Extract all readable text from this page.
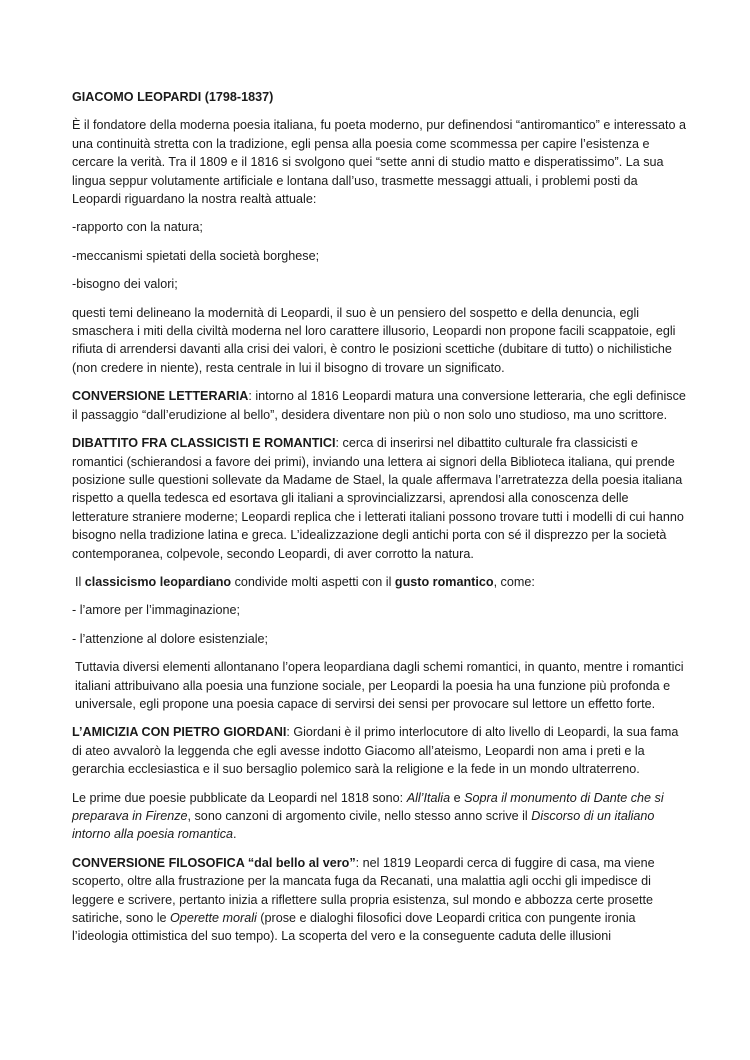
GIACOMO LEOPARDI (1798-1837)

È il fondatore della moderna poesia italiana, fu poeta moderno, pur definendosi “antiromantico” e interessato a una continuità stretta con la tradizione, egli pensa alla poesia come scommessa per capire l’esistenza e cercare la verità. Tra il 1809 e il 1816 si svolgono quei “sette anni di studio matto e disperatissimo”. La sua lingua seppur volutamente artificiale e lontana dall’uso, trasmette messaggi attuali, i problemi posti da Leopardi riguardano la nostra realtà attuale:

-rapporto con la natura;

-meccanismi spietati della società borghese;

-bisogno dei valori;

questi temi delineano la modernità di Leopardi, il suo è un pensiero del sospetto e della denuncia, egli smaschera i miti della civiltà moderna nel loro carattere illusorio, Leopardi non propone facili scappatoie, egli rifiuta di arrendersi davanti alla crisi dei valori, è contro le posizioni scettiche (dubitare di tutto) o nichilistiche (non credere in niente), resta centrale in lui il bisogno di trovare un significato.

CONVERSIONE LETTERARIA: intorno al 1816 Leopardi matura una conversione letteraria, che egli definisce il passaggio “dall’erudizione al bello”, desidera diventare non più o non solo uno studioso, ma uno scrittore.

DIBATTITO FRA CLASSICISTI E ROMANTICI: cerca di inserirsi nel dibattito culturale fra classicisti e romantici (schierandosi a favore dei primi), inviando una lettera ai signori della Biblioteca italiana, qui prende posizione sulle questioni sollevate da Madame de Stael, la quale affermava l’arretratezza della poesia italiana rispetto a quella tedesca ed esortava gli italiani a sprovincializzarsi, aprendosi alla conoscenza delle letterature straniere moderne; Leopardi replica che i letterati italiani possono trovare tutti i modelli di cui hanno bisogno nella tradizione latina e greca. L’idealizzazione degli antichi porta con sé il disprezzo per la società contemporanea, colpevole, secondo Leopardi, di aver corrotto la natura.

Il classicismo leopardiano condivide molti aspetti con il gusto romantico, come:

- l’amore per l’immaginazione;

- l’attenzione al dolore esistenziale;

Tuttavia diversi elementi allontanano l’opera leopardiana dagli schemi romantici, in quanto, mentre i romantici italiani attribuivano alla poesia una funzione sociale, per Leopardi la poesia ha una funzione più profonda e universale, egli propone una poesia capace di servirsi dei sensi per provocare sul lettore un effetto forte.

L’AMICIZIA CON PIETRO GIORDANI: Giordani è il primo interlocutore di alto livello di Leopardi, la sua fama di ateo avvalorò la leggenda che egli avesse indotto Giacomo all’ateismo, Leopardi non ama i preti e la gerarchia ecclesiastica e il suo bersaglio polemico sarà la religione e la fede in un mondo ultraterreno.

Le prime due poesie pubblicate da Leopardi nel 1818 sono: All’Italia e Sopra il monumento di Dante che si preparava in Firenze, sono canzoni di argomento civile, nello stesso anno scrive il Discorso di un italiano intorno alla poesia romantica.

CONVERSIONE FILOSOFICA “dal bello al vero”: nel 1819 Leopardi cerca di fuggire di casa, ma viene scoperto, oltre alla frustrazione per la mancata fuga da Recanati, una malattia agli occhi gli impedisce di leggere e scrivere, pertanto inizia a riflettere sulla propria esistenza, sul mondo e abbozza certe prosette satiriche, sono le Operette morali (prose e dialoghi filosofici dove Leopardi critica con pungente ironia l’ideologia ottimistica del suo tempo). La scoperta del vero e la conseguente caduta delle illusioni
